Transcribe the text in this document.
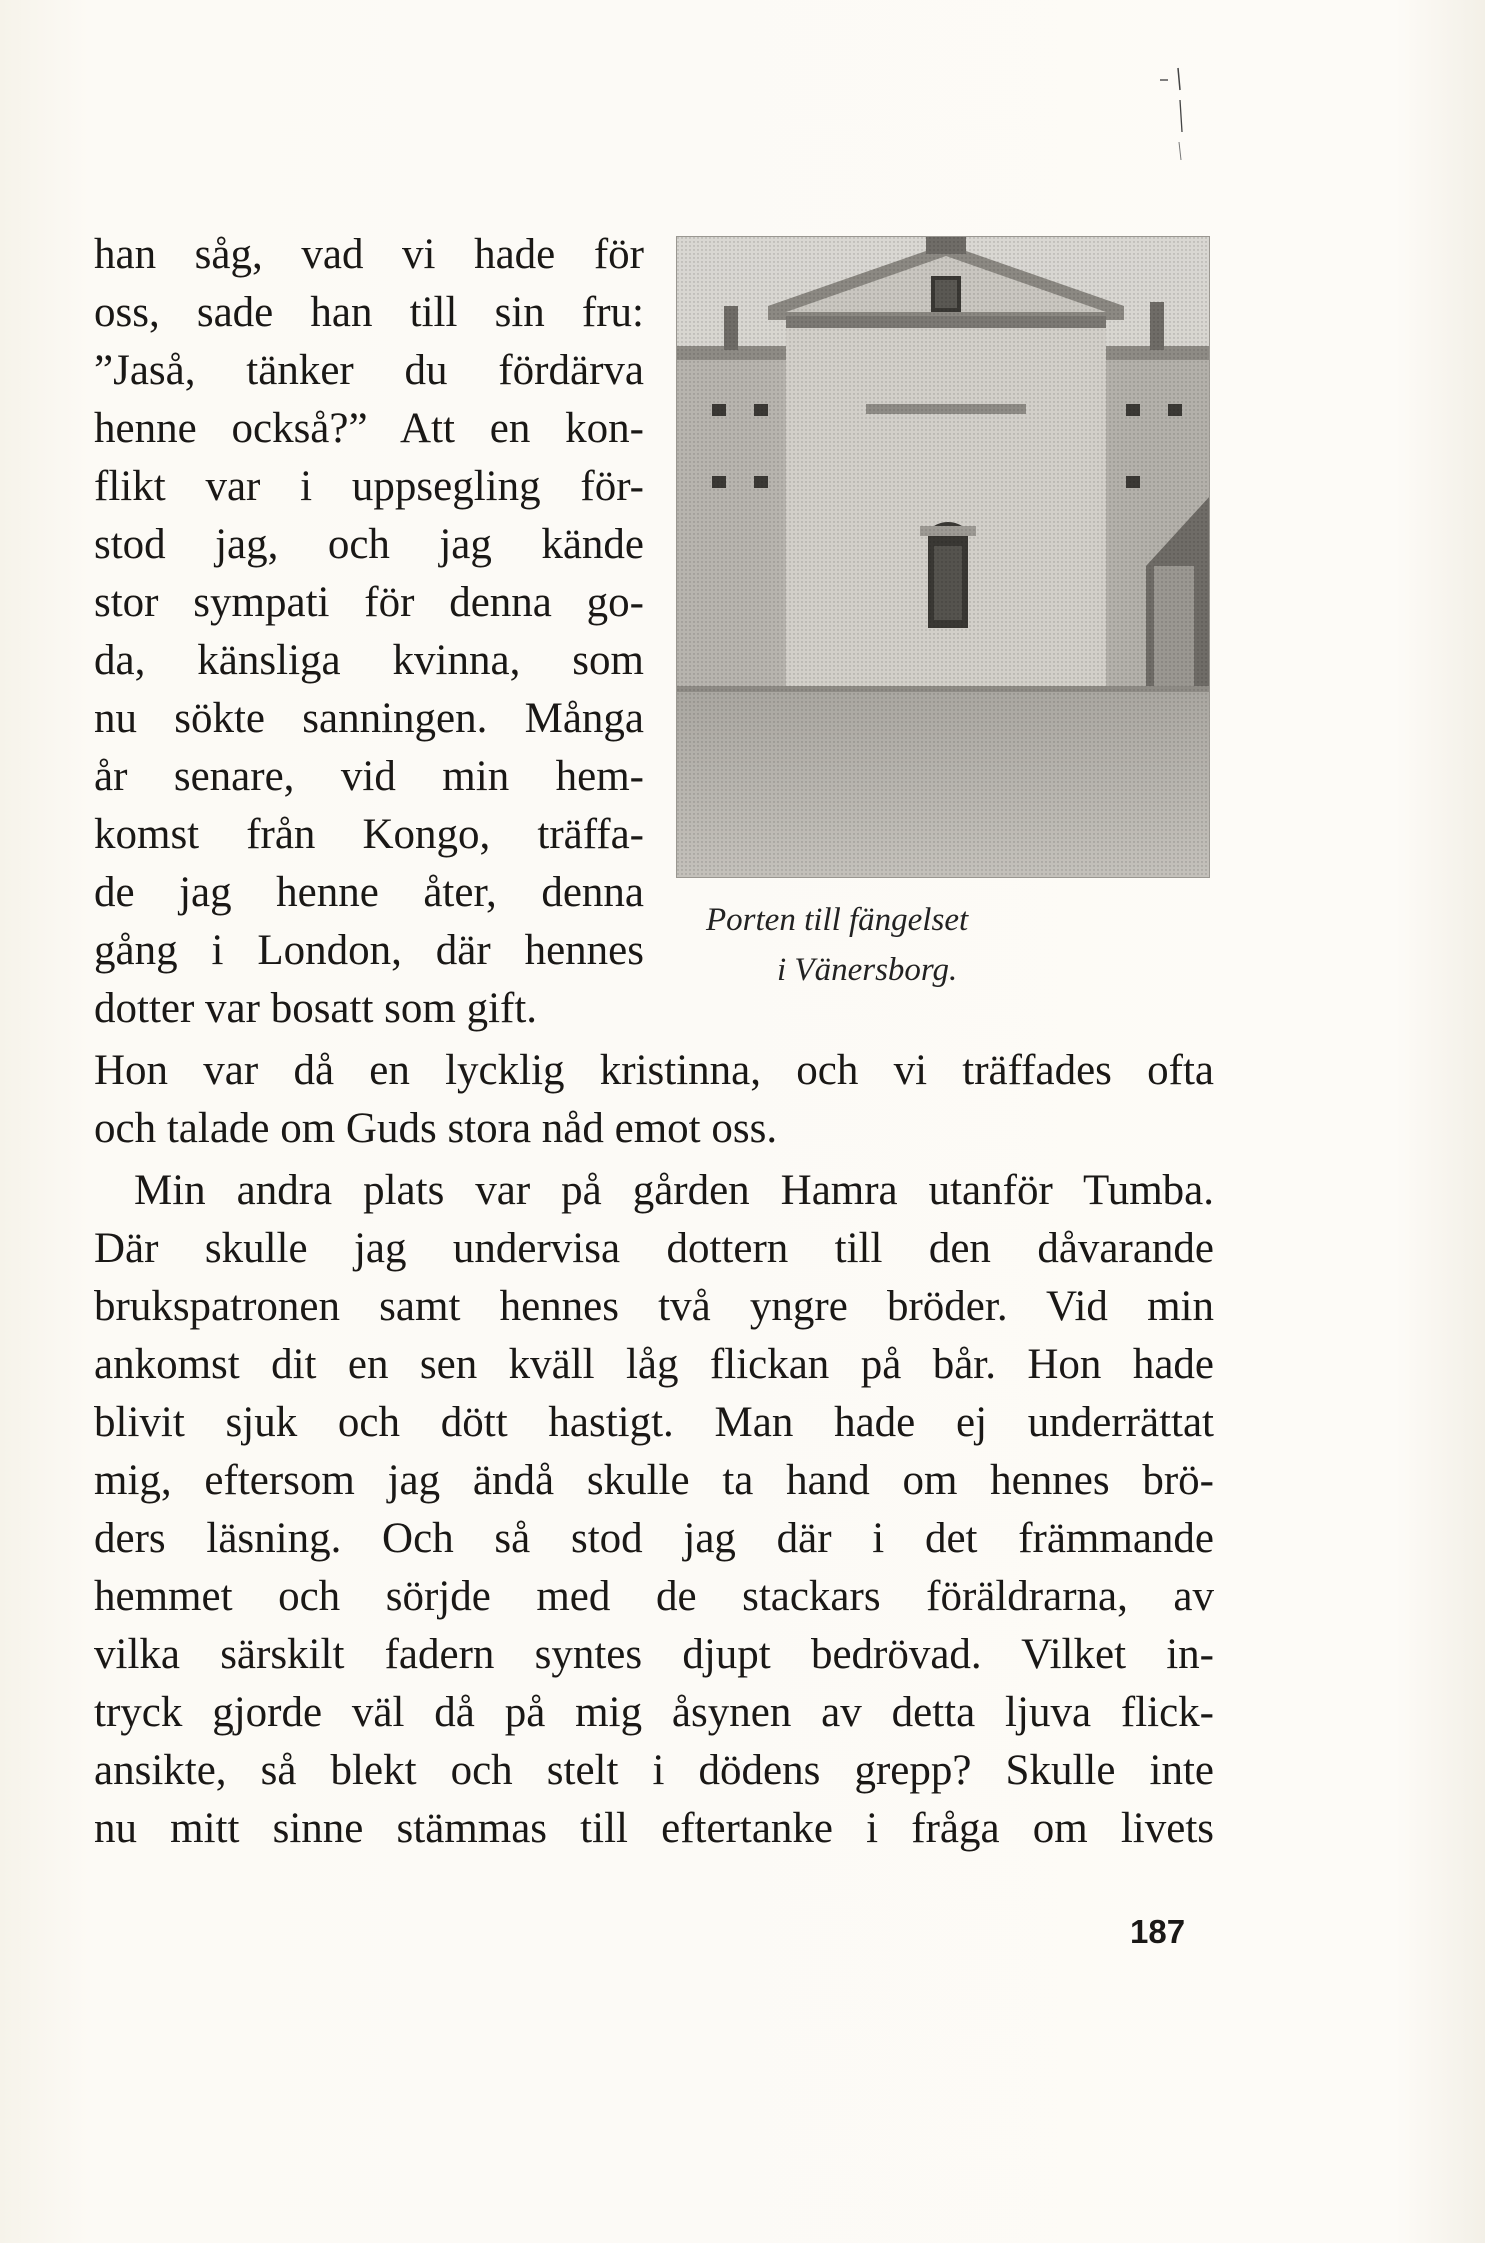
han såg, vad vi hade för
oss, sade han till sin fru:
”Jaså, tänker du fördärva
henne också?” Att en kon-
flikt var i uppsegling för-
stod jag, och jag kände
stor sympati för denna go-
da, känsliga kvinna, som
nu sökte sanningen. Många
år senare, vid min hem-
komst från Kongo, träffa-
de jag henne åter, denna
gång i London, där hennes
dotter var bosatt som gift.
Hon var då en lycklig kristinna, och vi träffades ofta
och talade om Guds stora nåd emot oss.
Min andra plats var på gården Hamra utanför Tumba.
Där skulle jag undervisa dottern till den dåvarande
brukspatronen samt hennes två yngre bröder. Vid min
ankomst dit en sen kväll låg flickan på bår. Hon hade
blivit sjuk och dött hastigt. Man hade ej underrättat
mig, eftersom jag ändå skulle ta hand om hennes brö-
ders läsning. Och så stod jag där i det främmande
hemmet och sörjde med de stackars föräldrarna, av
vilka särskilt fadern syntes djupt bedrövad. Vilket in-
tryck gjorde väl då på mig åsynen av detta ljuva flick-
ansikte, så blekt och stelt i dödens grepp? Skulle inte
nu mitt sinne stämmas till eftertanke i fråga om livets
Porten till fängelset
i Vänersborg.
187
